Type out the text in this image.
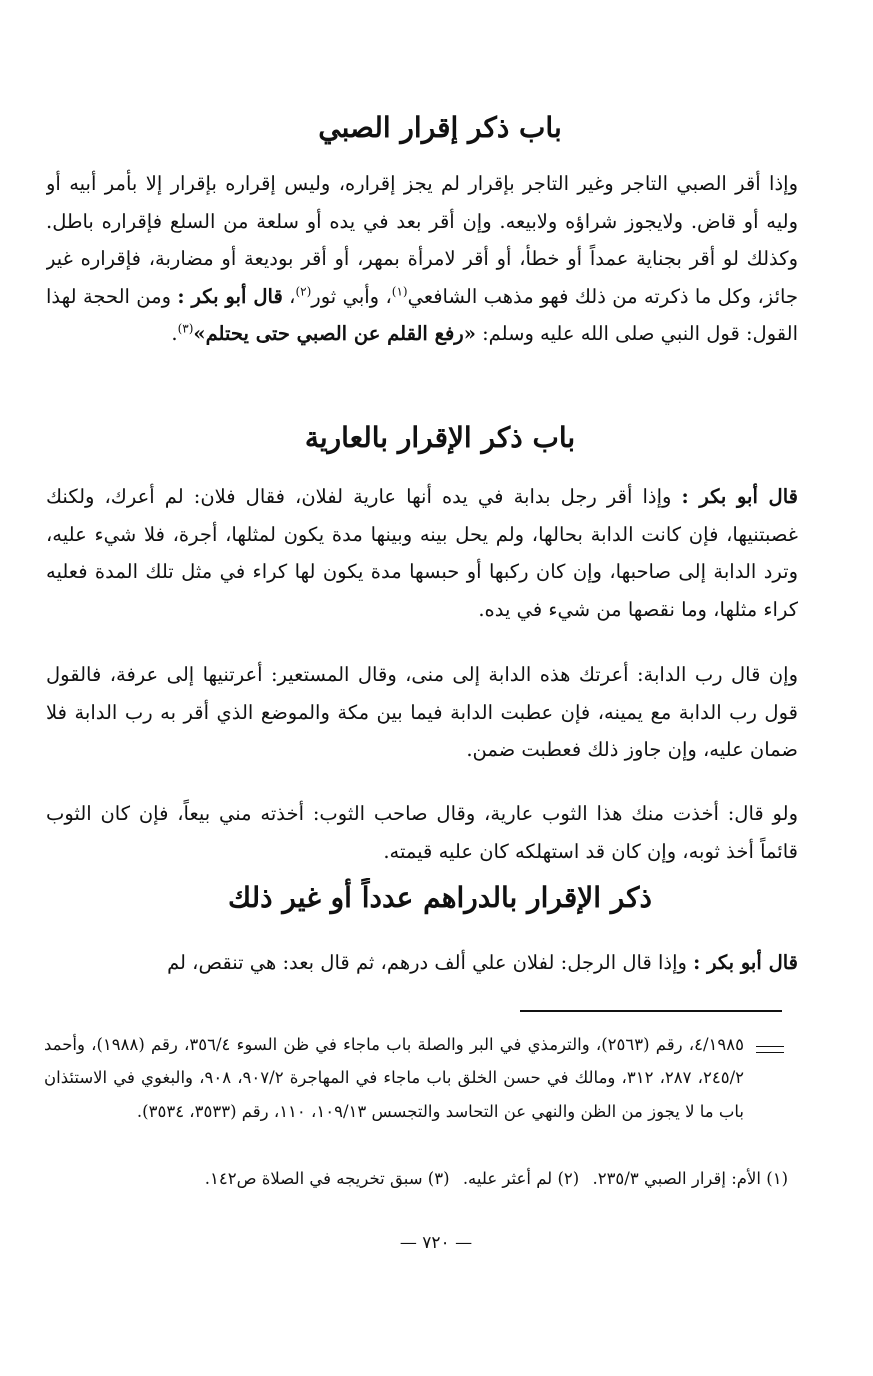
باب ذكر إقرار الصبي
وإذا أقر الصبي التاجر وغير التاجر بإقرار لم يجز إقراره، وليس إقراره بإقرار إلا بأمر أبيه أو وليه أو قاض. ولايجوز شراؤه ولابيعه. وإن أقر بعد في يده أو سلعة من السلع فإقراره باطل. وكذلك لو أقر بجناية عمداً أو خطأ، أو أقر لامرأة بمهر، أو أقر بوديعة أو مضاربة، فإقراره غير جائز، وكل ما ذكرته من ذلك فهو مذهب الشافعي$^{(١)}$، وأبي ثور$^{(٢)}$، قال أبو بكر : ومن الحجة لهذا القول: قول النبي صلى الله عليه وسلم: «رفع القلم عن الصبي حتى يحتلم»$^{(٣)}$.
باب ذكر الإقرار بالعارية
قال أبو بكر : وإذا أقر رجل بدابة في يده أنها عارية لفلان، فقال فلان: لم أعرك، ولكنك غصبتنيها، فإن كانت الدابة بحالها، ولم يحل بينه وبينها مدة يكون لمثلها، أجرة، فلا شيء عليه، وترد الدابة إلى صاحبها، وإن كان ركبها أو حبسها مدة يكون لها كراء في مثل تلك المدة فعليه كراء مثلها، وما نقصها من شيء في يده.
وإن قال رب الدابة: أعرتك هذه الدابة إلى منى، وقال المستعير: أعرتنيها إلى عرفة، فالقول قول رب الدابة مع يمينه، فإن عطبت الدابة فيما بين مكة والموضع الذي أقر به رب الدابة فلا ضمان عليه، وإن جاوز ذلك فعطبت ضمن.
ولو قال: أخذت منك هذا الثوب عارية، وقال صاحب الثوب: أخذته مني بيعاً، فإن كان الثوب قائماً أخذ ثوبه، وإن كان قد استهلكه كان عليه قيمته.
ذكر الإقرار بالدراهم عدداً أو غير ذلك
قال أبو بكر : وإذا قال الرجل: لفلان علي ألف درهم، ثم قال بعد: هي تنقص، لم
٤/١٩٨٥، رقم (٢٥٦٣)، والترمذي في البر والصلة باب ماجاء في ظن السوء ٣٥٦/٤، رقم (١٩٨٨)، وأحمد ٢٤٥/٢، ٢٨٧، ٣١٢، ومالك في حسن الخلق باب ماجاء في المهاجرة ٩٠٧/٢، ٩٠٨، والبغوي في الاستئذان باب ما لا يجوز من الظن والنهي عن التحاسد والتجسس ١٠٩/١٣، ١١٠، رقم (٣٥٣٣، ٣٥٣٤).
(١) الأم: إقرار الصبي ٢٣٥/٣. (٢) لم أعثر عليه. (٣) سبق تخريجه في الصلاة ص١٤٢.
— ٧٢٠ —
